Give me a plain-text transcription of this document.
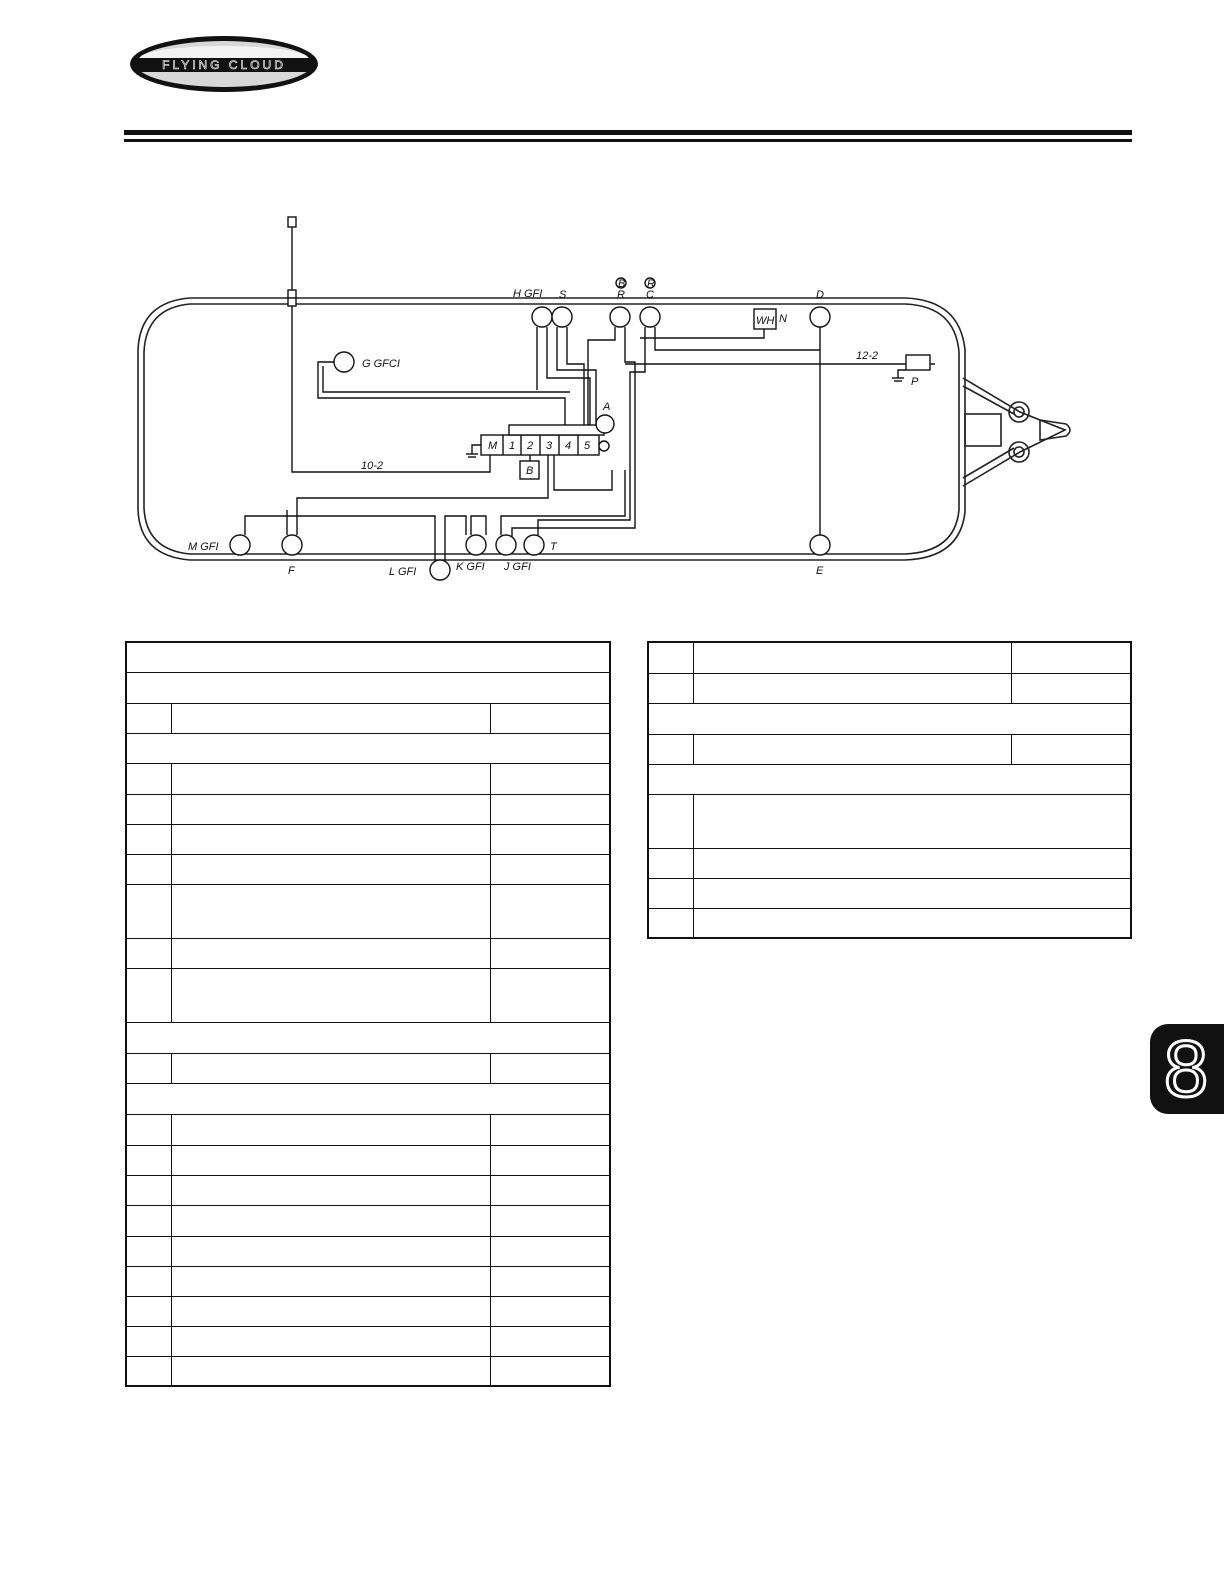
FLYING CLOUD
H GFI S
B
R
R
C	D
WH N
12-2
P
G GFCI
A
M 1 2 3 4 5
B
10-2
M GFI
F	L GFI	K GFI J GFI
T
E

8
